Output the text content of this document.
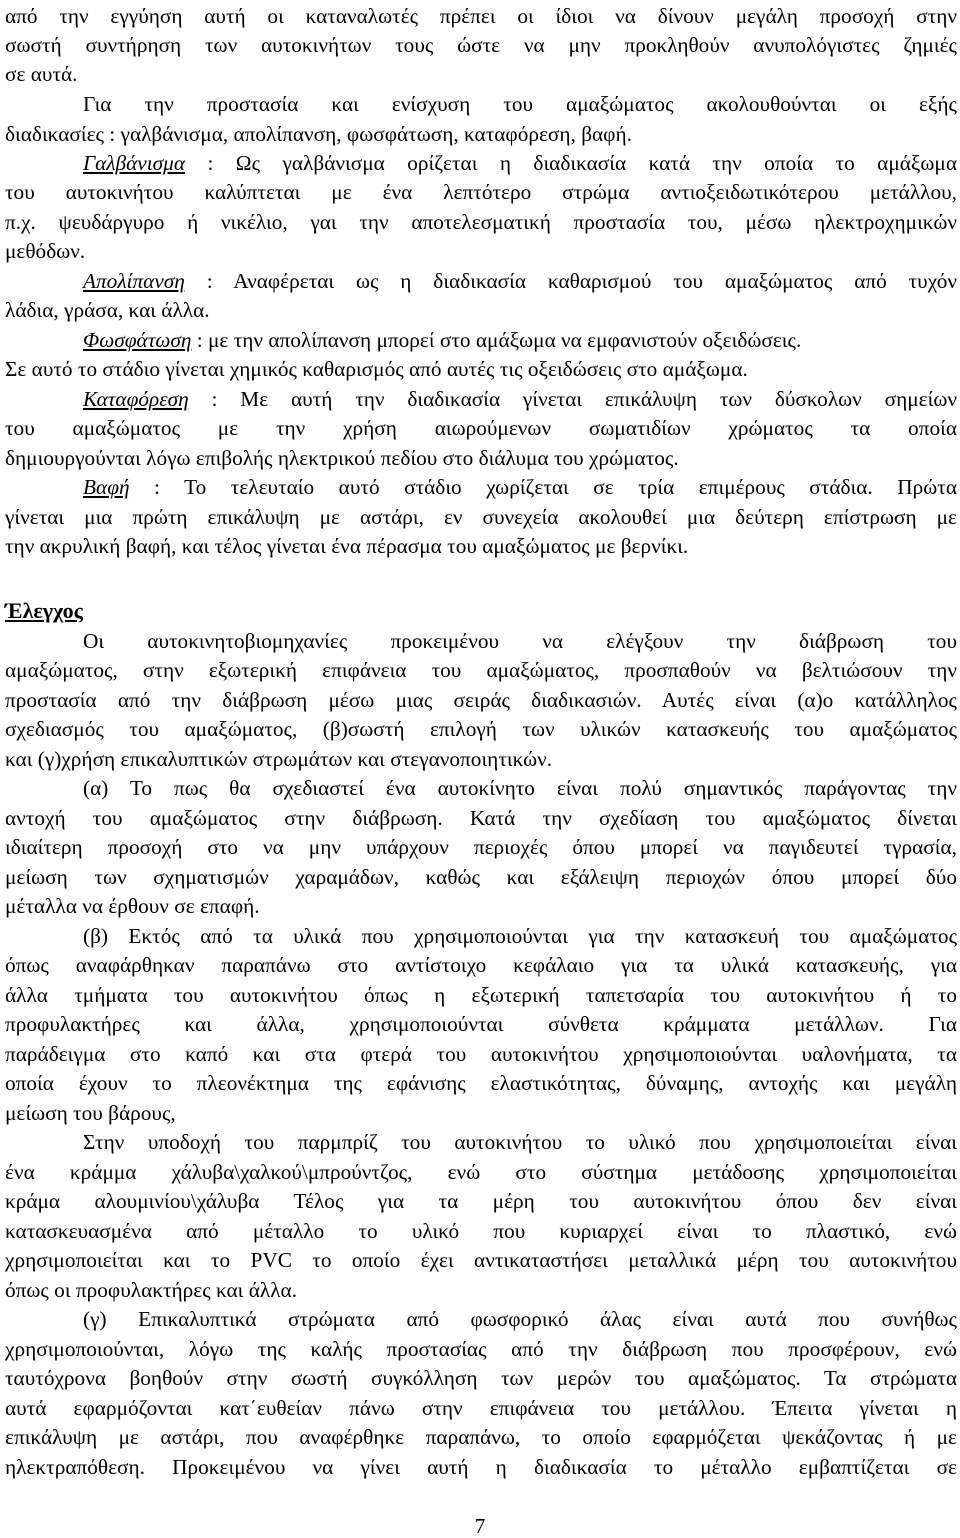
από την εγγύηση αυτή οι καταναλωτές πρέπει οι ίδιοι να δίνουν μεγάλη προσοχή στην
σωστή συντήρηση των αυτοκινήτων τους ώστε να μην προκληθούν ανυπολόγιστες ζημιές
σε αυτά.
Για την προστασία και ενίσχυση του αμαξώματος ακολουθούνται οι εξής
διαδικασίες : γαλβάνισμα, απολίπανση, φωσφάτωση, καταφόρεση, βαφή.
Γαλβάνισμα : Ως γαλβάνισμα ορίζεται η διαδικασία κατά την οποία το αμάξωμα
του αυτοκινήτου καλύπτεται με ένα λεπτότερο στρώμα αντιοξειδωτικότερου μετάλλου,
π.χ. ψευδάργυρο ή νικέλιο, γαι την αποτελεσματική προστασία του, μέσω ηλεκτροχημικών
μεθόδων.
Απολίπανση : Αναφέρεται ως η διαδικασία καθαρισμού του αμαξώματος από τυχόν
λάδια, γράσα, και άλλα.
Φωσφάτωση : με την απολίπανση μπορεί στο αμάξωμα να εμφανιστούν οξειδώσεις.
Σε αυτό το στάδιο γίνεται χημικός καθαρισμός από αυτές τις οξειδώσεις στο αμάξωμα.
Καταφόρεση : Με αυτή την διαδικασία γίνεται επικάλυψη των δύσκολων σημείων
του αμαξώματος με την χρήση αιωρούμενων σωματιδίων χρώματος τα οποία
δημιουργούνται λόγω επιβολής ηλεκτρικού πεδίου στο διάλυμα του χρώματος.
Βαφή : Το τελευταίο αυτό στάδιο χωρίζεται σε τρία επιμέρους στάδια. Πρώτα
γίνεται μια πρώτη επικάλυψη με αστάρι, εν συνεχεία ακολουθεί μια δεύτερη επίστρωση με
την ακρυλική βαφή, και τέλος γίνεται ένα πέρασμα του αμαξώματος με βερνίκι.
Έλεγχος
Οι αυτοκινητοβιομηχανίες προκειμένου να ελέγξουν την διάβρωση του
αμαξώματος, στην εξωτερική επιφάνεια του αμαξώματος, προσπαθούν να βελτιώσουν την
προστασία από την διάβρωση μέσω μιας σειράς διαδικασιών. Αυτές είναι (α)ο κατάλληλος
σχεδιασμός του αμαξώματος, (β)σωστή επιλογή των υλικών κατασκευής του αμαξώματος
και (γ)χρήση επικαλυπτικών στρωμάτων και στεγανοποιητικών.
(α) Το πως θα σχεδιαστεί ένα αυτοκίνητο είναι πολύ σημαντικός παράγοντας την
αντοχή του αμαξώματος στην διάβρωση. Κατά την σχεδίαση του αμαξώματος δίνεται
ιδιαίτερη προσοχή στο να μην υπάρχουν περιοχές όπου μπορεί να παγιδευτεί τγρασία,
μείωση των σχηματισμών χαραμάδων, καθώς και εξάλειψη περιοχών όπου μπορεί δύο
μέταλλα να έρθουν σε επαφή.
(β) Εκτός από τα υλικά που χρησιμοποιούνται για την κατασκευή του αμαξώματος
όπως αναφάρθηκαν παραπάνω στο αντίστοιχο κεφάλαιο για τα υλικά κατασκευής, για
άλλα τμήματα του αυτοκινήτου όπως η εξωτερική ταπετσαρία του αυτοκινήτου ή το
προφυλακτήρες και άλλα, χρησιμοποιούνται σύνθετα κράμματα μετάλλων. Για
παράδειγμα στο καπό και στα φτερά του αυτοκινήτου χρησιμοποιούνται υαλονήματα, τα
οποία έχουν το πλεονέκτημα της εφάνισης ελαστικότητας, δύναμης, αντοχής και μεγάλη
μείωση του βάρους,
Στην υποδοχή του παρμπρίζ του αυτοκινήτου το υλικό που χρησιμοποιείται είναι
ένα κράμμα χάλυβα\χαλκού\μπρούντζος, ενώ στο σύστημα μετάδοσης χρησιμοποιείται
κράμα αλουμινίου\χάλυβα Τέλος για τα μέρη του αυτοκινήτου όπου δεν είναι
κατασκευασμένα από μέταλλο το υλικό που κυριαρχεί είναι το πλαστικό, ενώ
χρησιμοποιείται και το PVC το οποίο έχει αντικαταστήσει μεταλλικά μέρη του αυτοκινήτου
όπως οι προφυλακτήρες και άλλα.
(γ) Επικαλυπτικά στρώματα από φωσφορικό άλας είναι αυτά που συνήθως
χρησιμοποιούνται, λόγω της καλής προστασίας από την διάβρωση που προσφέρουν, ενώ
ταυτόχρονα βοηθούν στην σωστή συγκόλληση των μερών του αμαξώματος. Τα στρώματα
αυτά εφαρμόζονται κατ΄ευθείαν πάνω στην επιφάνεια του μετάλλου. Έπειτα γίνεται η
επικάλυψη με αστάρι, που αναφέρθηκε παραπάνω, το οποίο εφαρμόζεται ψεκάζοντας ή με
ηλεκτραπόθεση. Προκειμένου να γίνει αυτή η διαδικασία το μέταλλο εμβαπτίζεται σε
7
